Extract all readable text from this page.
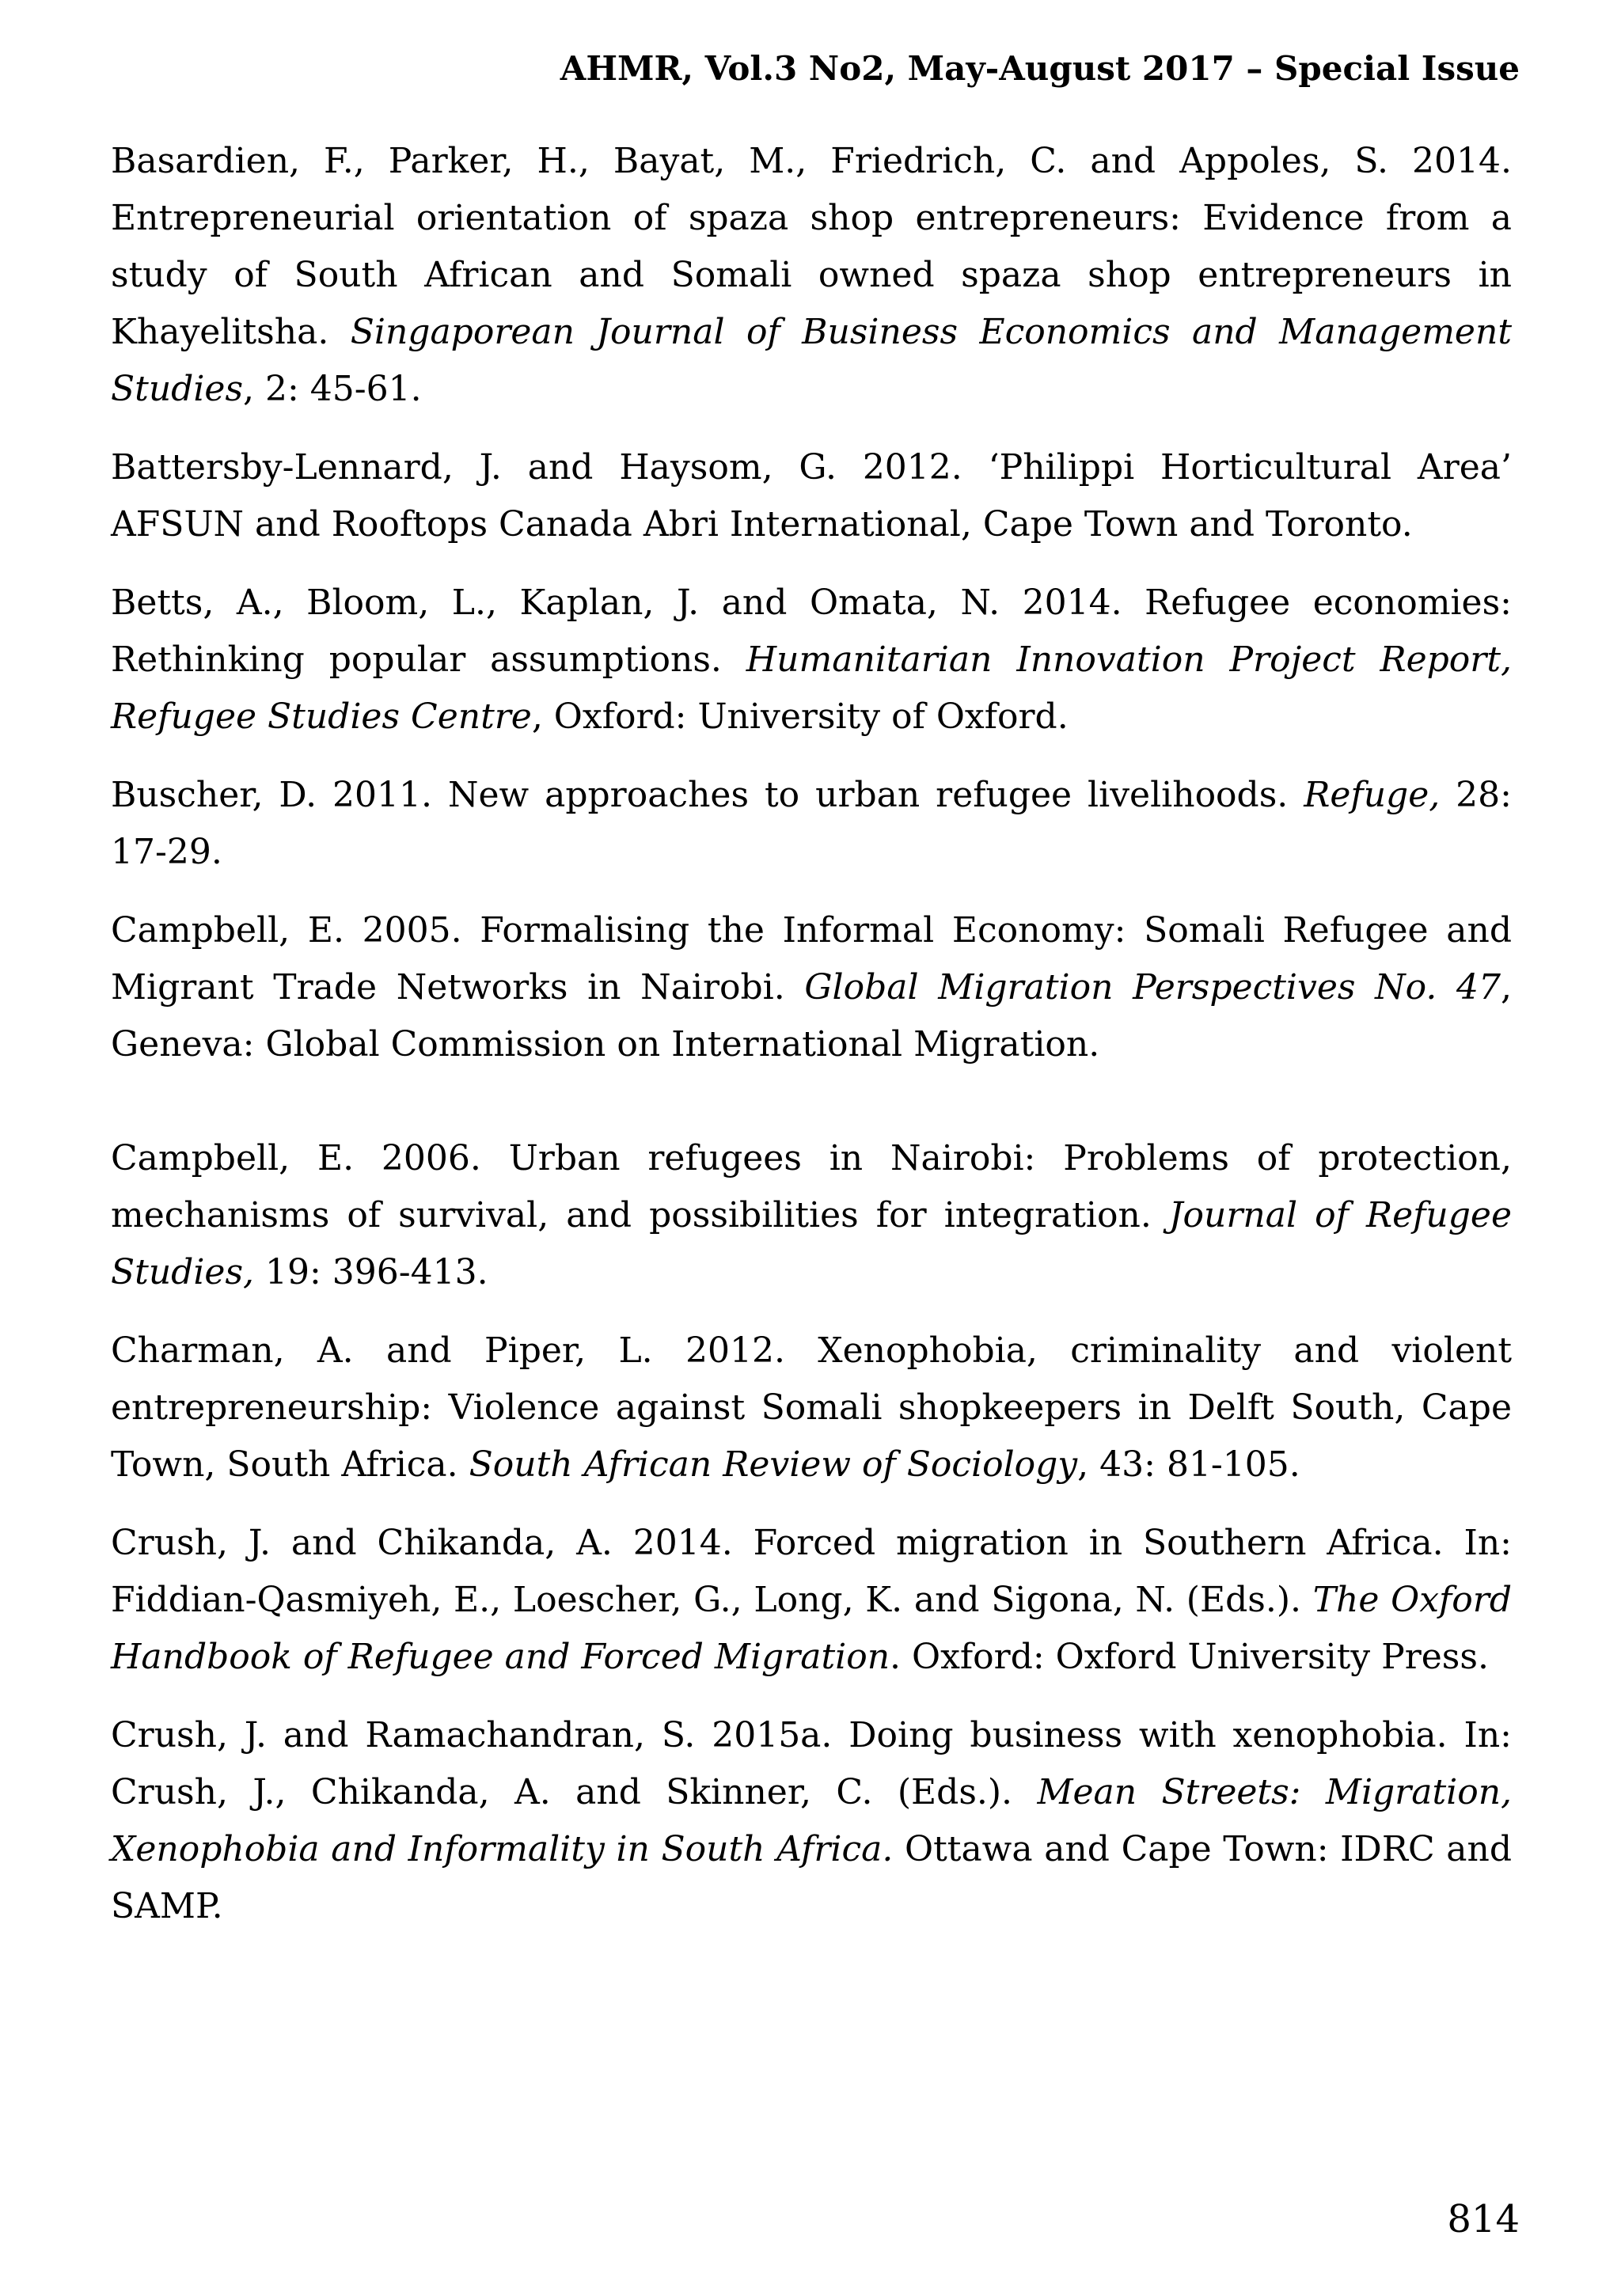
AHMR, Vol.3 No2, May-August 2017 – Special Issue

Basardien, F., Parker, H., Bayat, M., Friedrich, C. and Appoles, S. 2014. Entrepreneurial orientation of spaza shop entrepreneurs: Evidence from a study of South African and Somali owned spaza shop entrepreneurs in Khayelitsha. Singaporean Journal of Business Economics and Management Studies, 2: 45-61.

Battersby-Lennard, J. and Haysom, G. 2012. ‘Philippi Horticultural Area’ AFSUN and Rooftops Canada Abri International, Cape Town and Toronto.

Betts, A., Bloom, L., Kaplan, J. and Omata, N. 2014. Refugee economies: Rethinking popular assumptions. Humanitarian Innovation Project Report, Refugee Studies Centre, Oxford: University of Oxford.

Buscher, D. 2011. New approaches to urban refugee livelihoods. Refuge, 28: 17-29.

Campbell, E. 2005. Formalising the Informal Economy: Somali Refugee and Migrant Trade Networks in Nairobi. Global Migration Perspectives No. 47, Geneva: Global Commission on International Migration.

Campbell, E. 2006. Urban refugees in Nairobi: Problems of protection, mechanisms of survival, and possibilities for integration. Journal of Refugee Studies, 19: 396-413.

Charman, A. and Piper, L. 2012. Xenophobia, criminality and violent entrepreneurship: Violence against Somali shopkeepers in Delft South, Cape Town, South Africa. South African Review of Sociology, 43: 81-105.

Crush, J. and Chikanda, A. 2014. Forced migration in Southern Africa. In: Fiddian-Qasmiyeh, E., Loescher, G., Long, K. and Sigona, N. (Eds.). The Oxford Handbook of Refugee and Forced Migration. Oxford: Oxford University Press.

Crush, J. and Ramachandran, S. 2015a. Doing business with xenophobia. In: Crush, J., Chikanda, A. and Skinner, C. (Eds.). Mean Streets: Migration, Xenophobia and Informality in South Africa. Ottawa and Cape Town: IDRC and SAMP.

814
